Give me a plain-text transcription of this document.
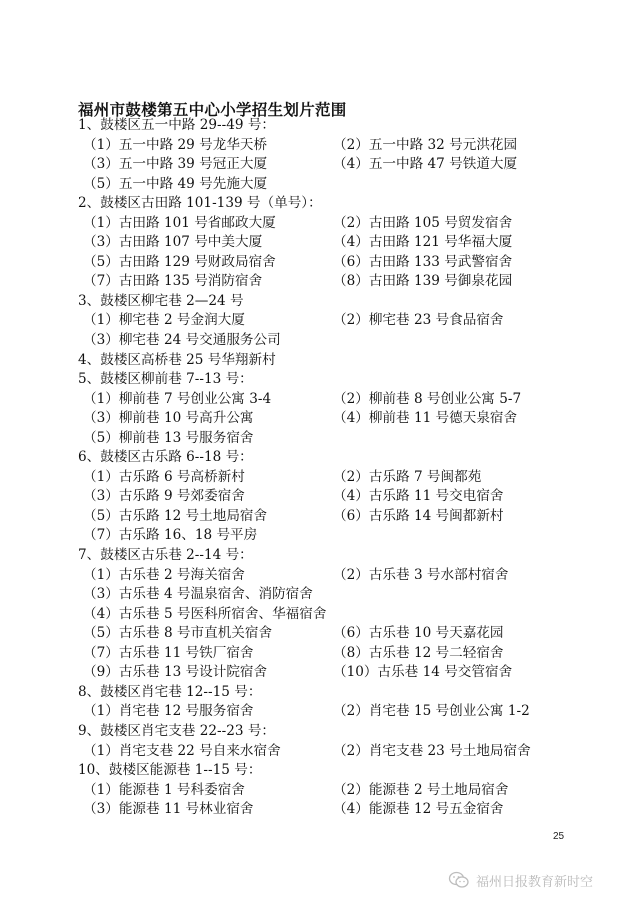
福州市鼓楼第五中心小学招生划片范围
1、鼓楼区五一中路 29--49 号：
（1）五一中路 29 号龙华天桥	（2）五一中路 32 号元洪花园
（3）五一中路 39 号冠正大厦	（4）五一中路 47 号铁道大厦
（5）五一中路 49 号先施大厦
2、鼓楼区古田路 101-139 号（单号）：
（1）古田路 101 号省邮政大厦	（2）古田路 105 号贸发宿舍
（3）古田路 107 号中美大厦	（4）古田路 121 号华福大厦
（5）古田路 129 号财政局宿舍	（6）古田路 133 号武警宿舍
（7）古田路 135 号消防宿舍	（8）古田路 139 号御泉花园
3、鼓楼区柳宅巷 2—24 号
（1）柳宅巷 2 号金润大厦	（2）柳宅巷 23 号食品宿舍
（3）柳宅巷 24 号交通服务公司
4、鼓楼区高桥巷 25 号华翔新村
5、鼓楼区柳前巷 7--13 号：
（1）柳前巷 7 号创业公寓 3-4	（2）柳前巷 8 号创业公寓 5-7
（3）柳前巷 10 号高升公寓	（4）柳前巷 11 号德天泉宿舍
（5）柳前巷 13 号服务宿舍
6、鼓楼区古乐路 6--18 号：
（1）古乐路 6 号高桥新村	（2）古乐路 7 号闽都苑
（3）古乐路 9 号郊委宿舍	（4）古乐路 11 号交电宿舍
（5）古乐路 12 号土地局宿舍	（6）古乐路 14 号闽都新村
（7）古乐路 16、18 号平房
7、鼓楼区古乐巷 2--14 号：
（1）古乐巷 2 号海关宿舍	（2）古乐巷 3 号水部村宿舍
（3）古乐巷 4 号温泉宿舍、消防宿舍
（4）古乐巷 5 号医科所宿舍、华福宿舍
（5）古乐巷 8 号市直机关宿舍	（6）古乐巷 10 号天嘉花园
（7）古乐巷 11 号铁厂宿舍	（8）古乐巷 12 号二轻宿舍
（9）古乐巷 13 号设计院宿舍	（10）古乐巷 14 号交管宿舍
8、鼓楼区肖宅巷 12--15 号：
（1）肖宅巷 12 号服务宿舍	（2）肖宅巷 15 号创业公寓 1-2
9、鼓楼区肖宅支巷 22--23 号：
（1）肖宅支巷 22 号自来水宿舍	（2）肖宅支巷 23 号土地局宿舍
10、鼓楼区能源巷 1--15 号：
（1）能源巷 1 号科委宿舍	（2）能源巷 2 号土地局宿舍
（3）能源巷 11 号林业宿舍	（4）能源巷 12 号五金宿舍
25
福州日报教育新时空
